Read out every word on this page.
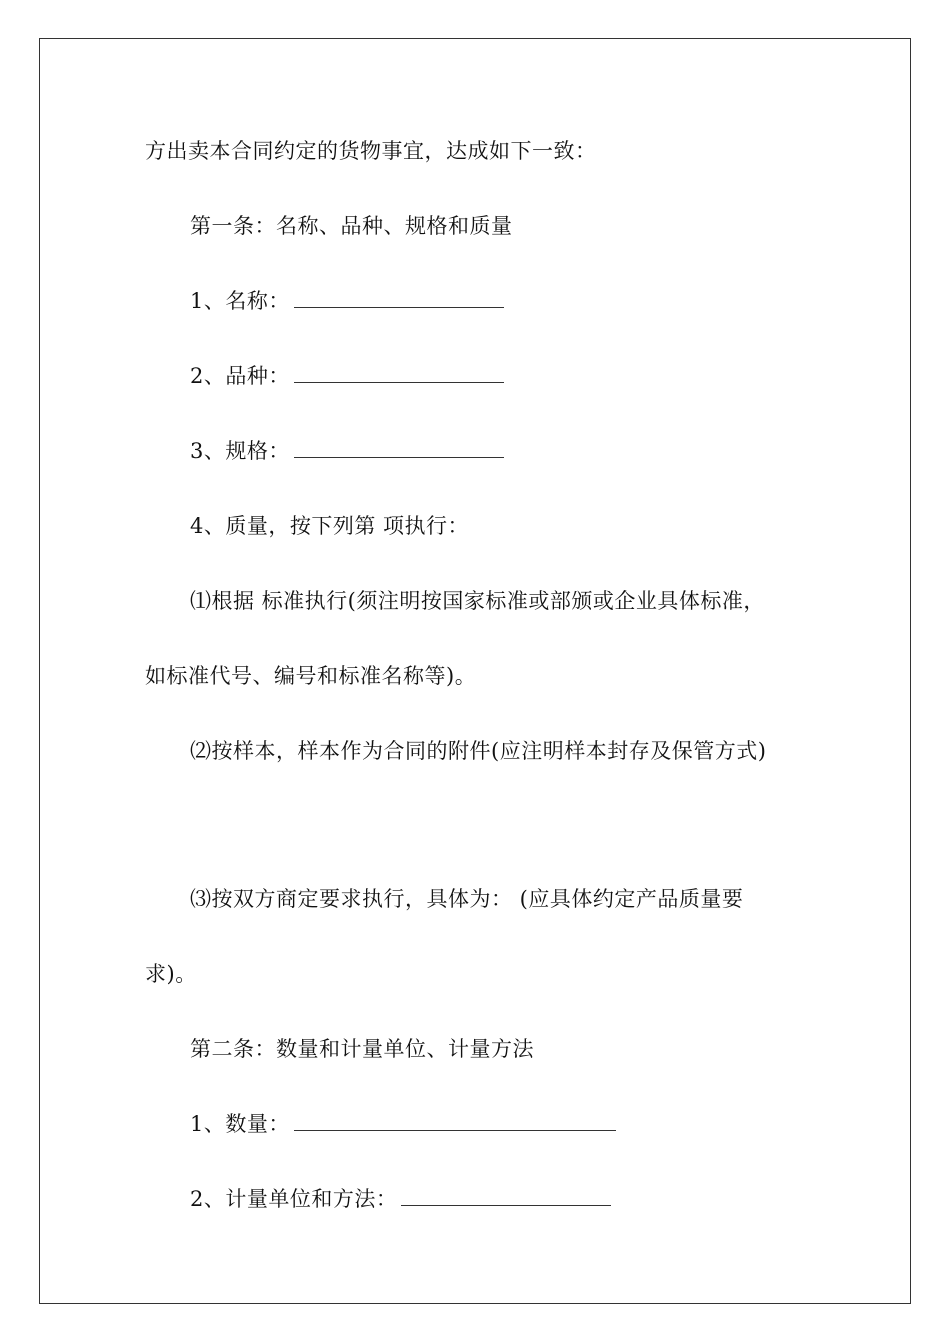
方出卖本合同约定的货物事宜，达成如下一致：
第一条：名称、品种、规格和质量
1、名称：
2、品种：
3、规格：
4、质量，按下列第 项执行：
⑴根据 标准执行(须注明按国家标准或部颁或企业具体标准，
如标准代号、编号和标准名称等)。
⑵按样本，样本作为合同的附件(应注明样本封存及保管方式)
⑶按双方商定要求执行，具体为： (应具体约定产品质量要
求)。
第二条：数量和计量单位、计量方法
1、数量：
2、计量单位和方法：
